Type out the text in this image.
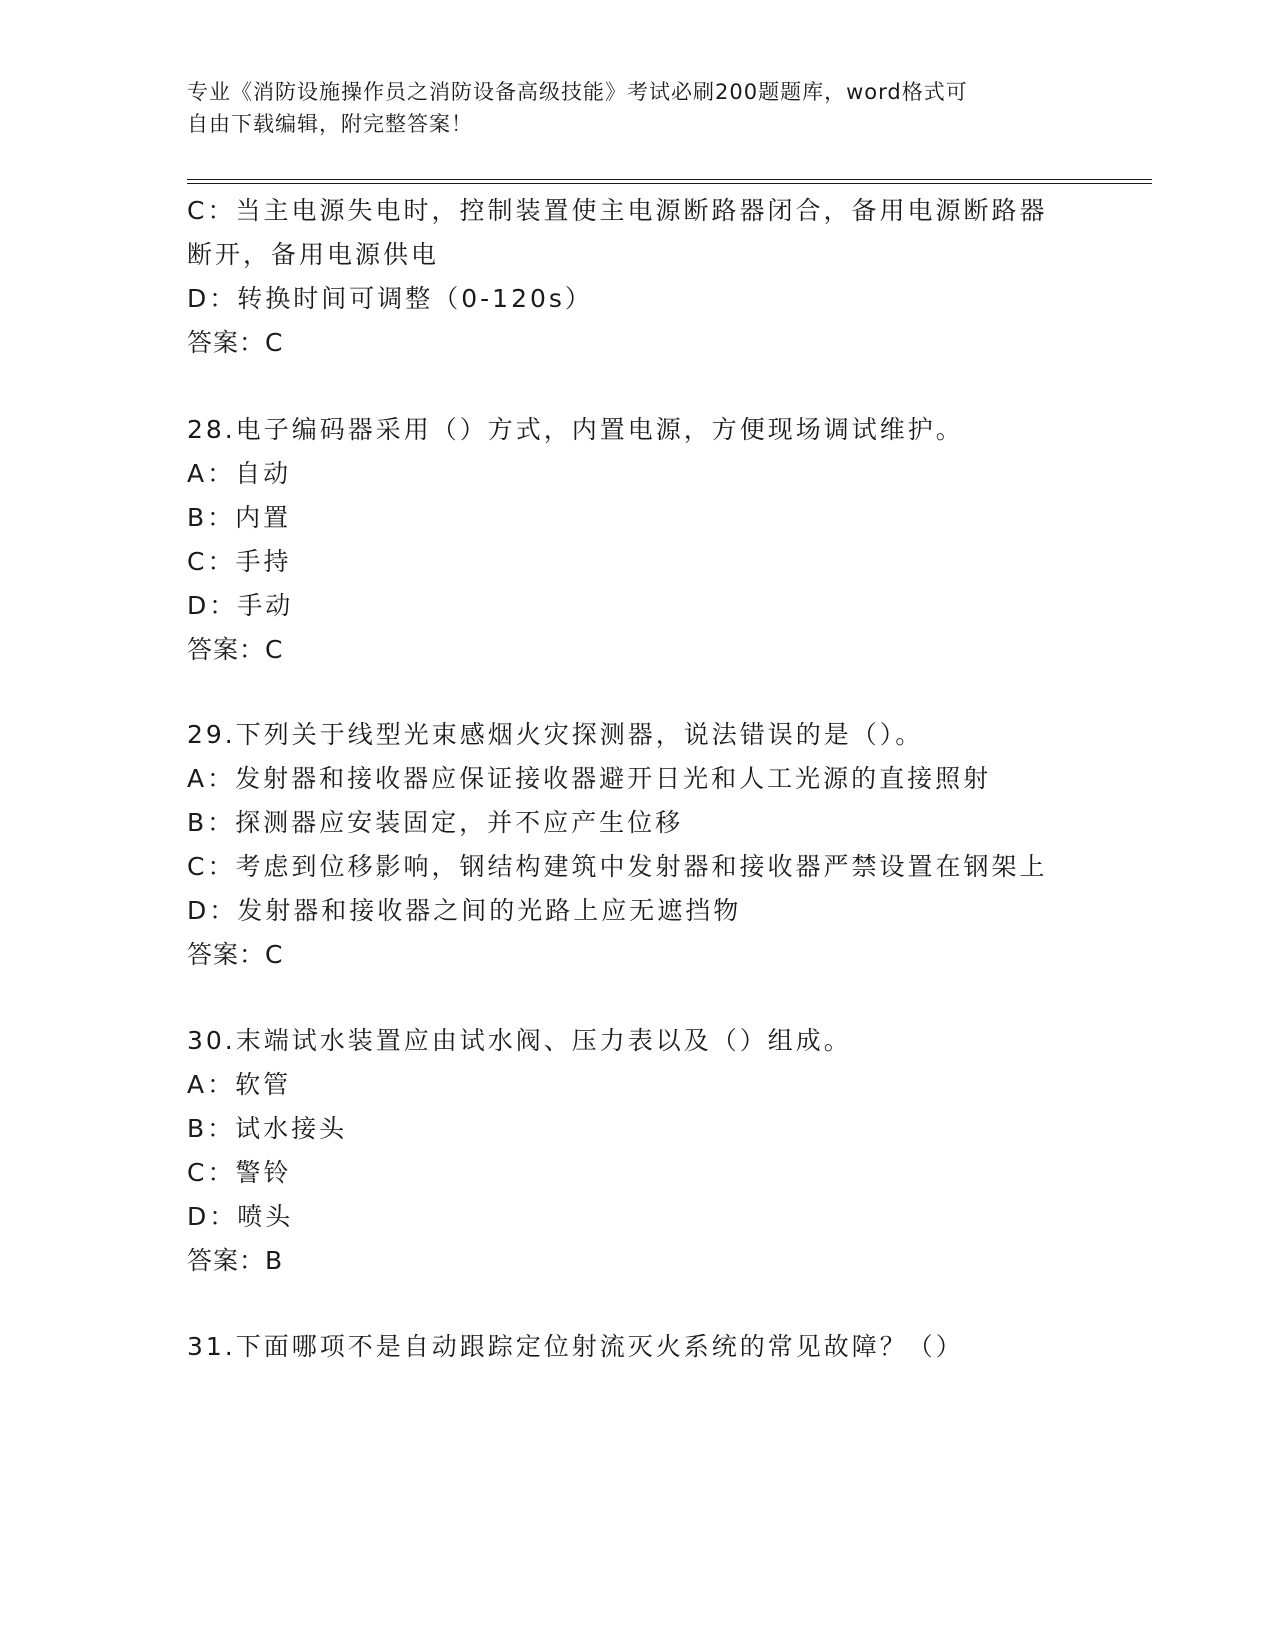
专业《消防设施操作员之消防设备高级技能》考试必刷200题题库，word格式可
自由下载编辑，附完整答案！
C：当主电源失电时，控制装置使主电源断路器闭合，备用电源断路器
断开，备用电源供电
D：转换时间可调整（0-120s）
答案：C
28.电子编码器采用（）方式，内置电源，方便现场调试维护。
A：自动
B：内置
C：手持
D：手动
答案：C
29.下列关于线型光束感烟火灾探测器，说法错误的是（）。
A：发射器和接收器应保证接收器避开日光和人工光源的直接照射
B：探测器应安装固定，并不应产生位移
C：考虑到位移影响，钢结构建筑中发射器和接收器严禁设置在钢架上
D：发射器和接收器之间的光路上应无遮挡物
答案：C
30.末端试水装置应由试水阀、压力表以及（）组成。
A：软管
B：试水接头
C：警铃
D：喷头
答案：B
31.下面哪项不是自动跟踪定位射流灭火系统的常见故障？（）
